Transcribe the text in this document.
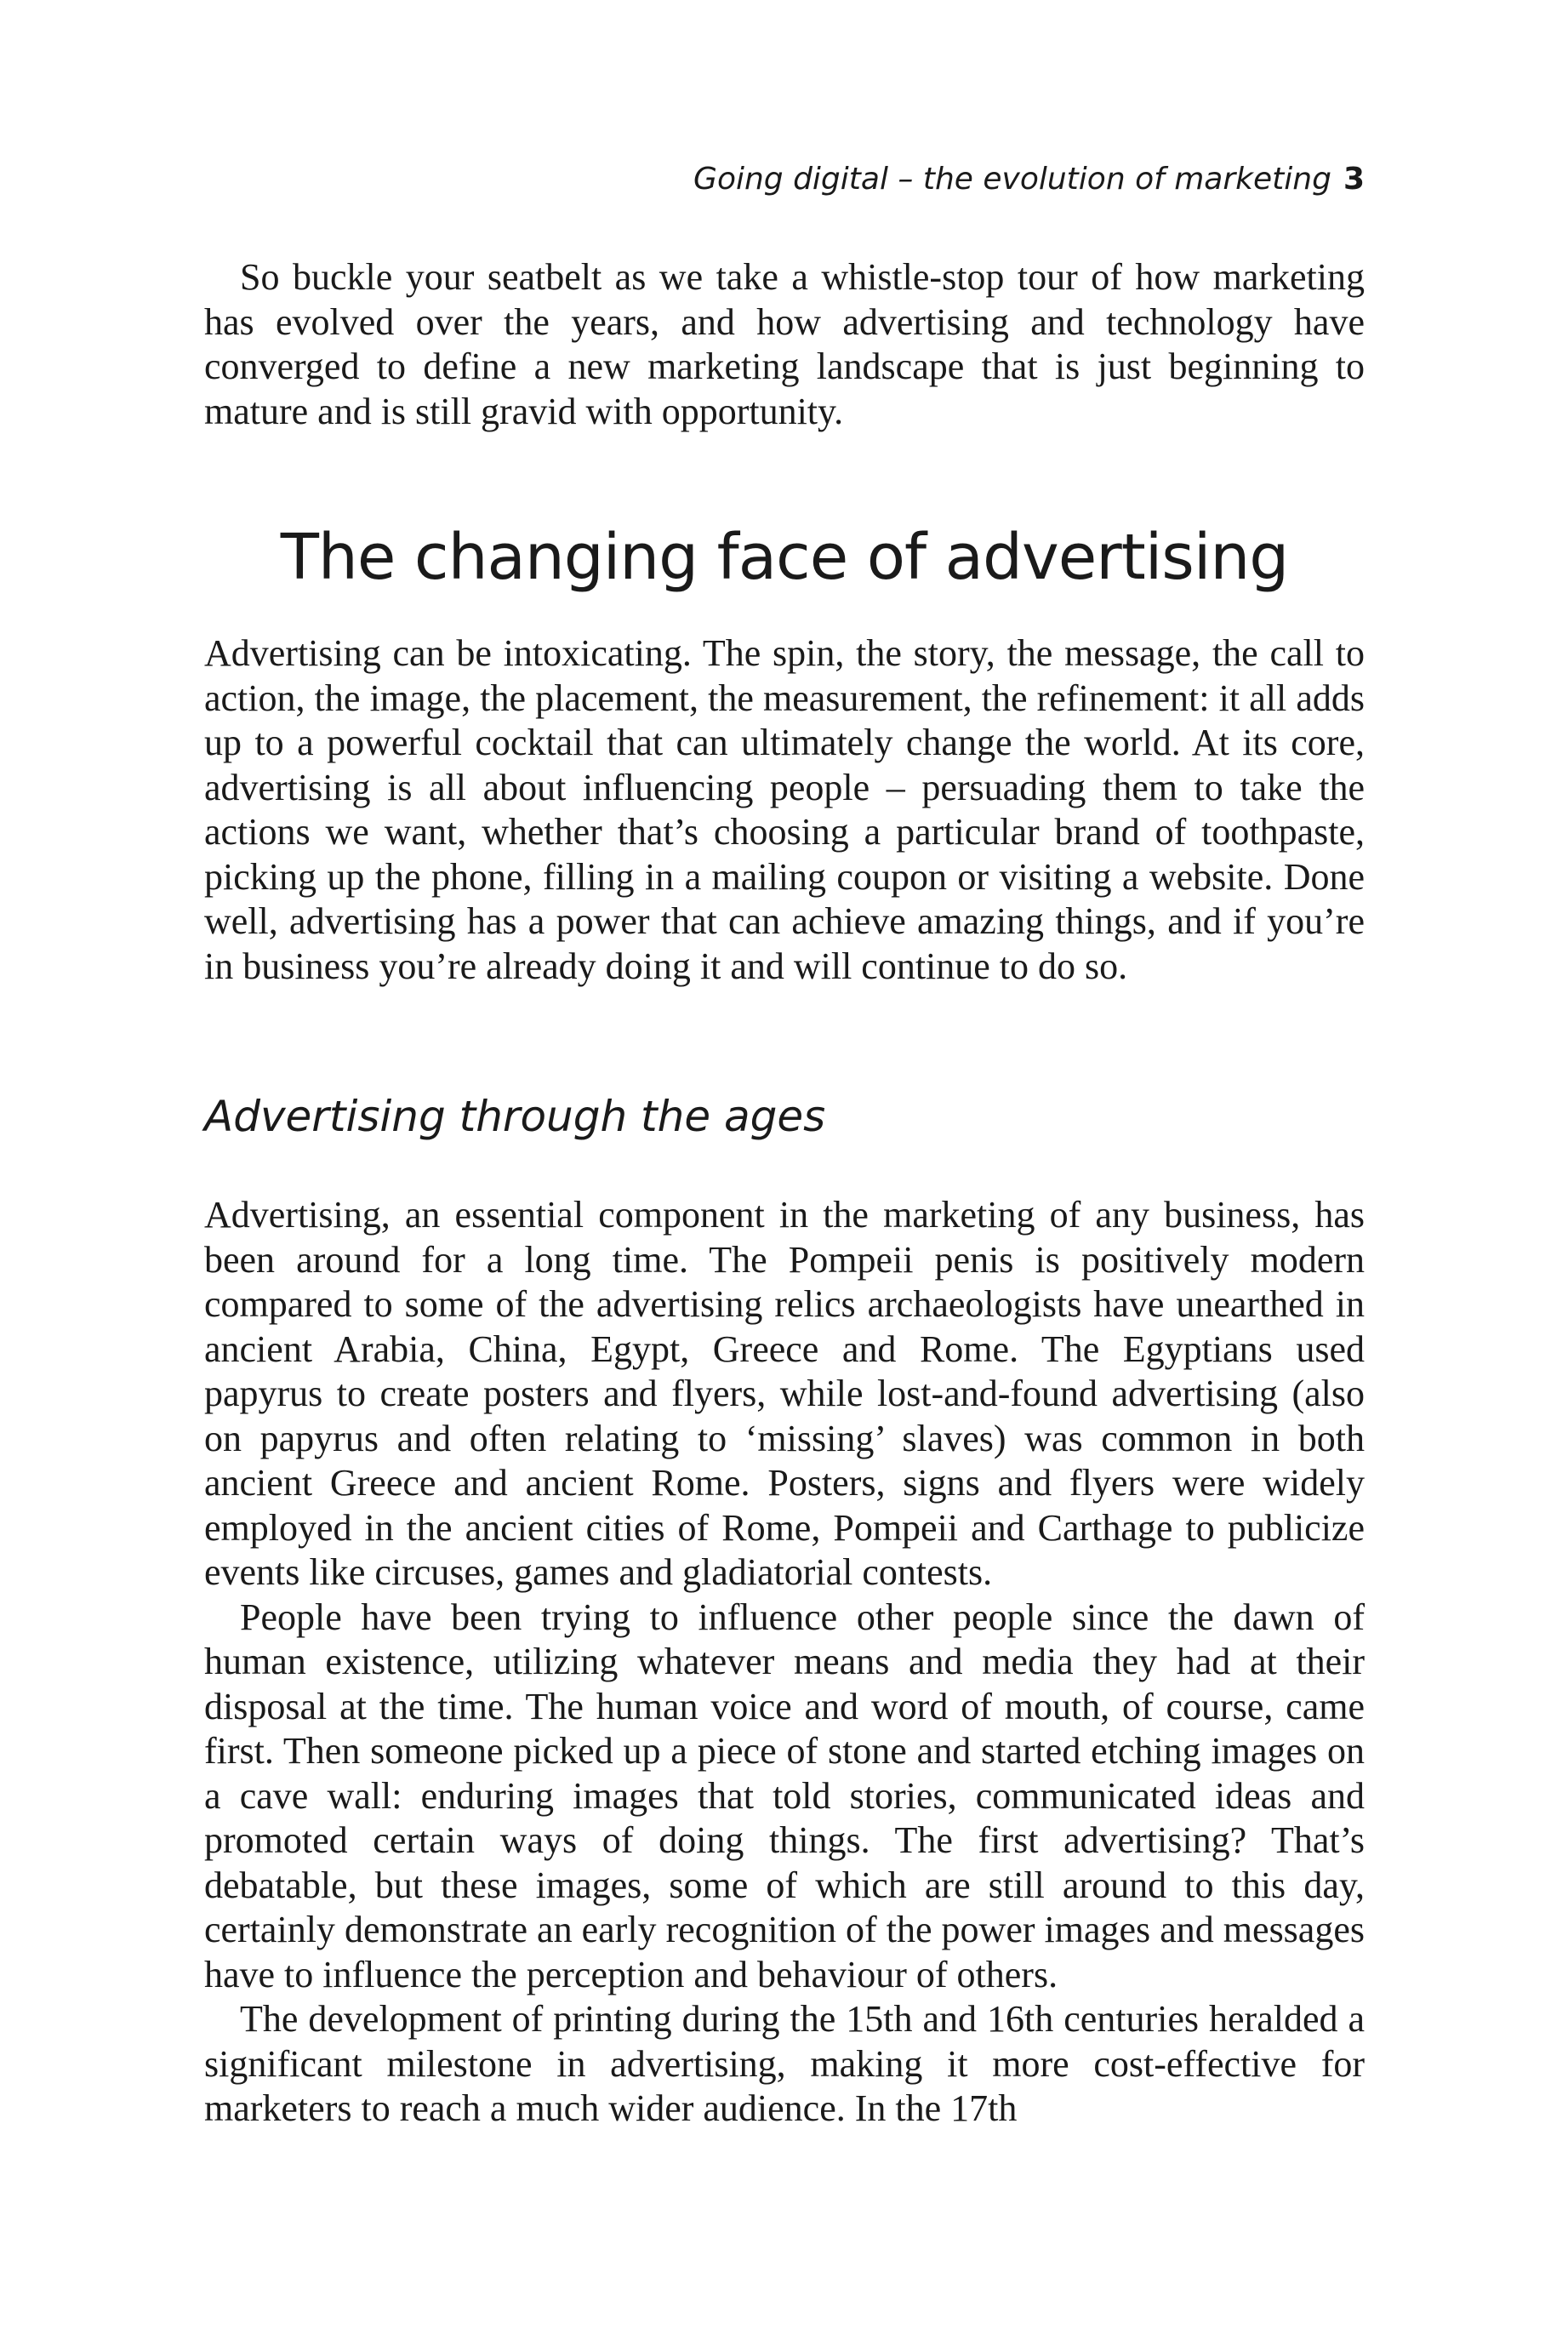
Going digital – the evolution of marketing 3

So buckle your seatbelt as we take a whistle-stop tour of how marketing has evolved over the years, and how advertising and technology have converged to define a new marketing landscape that is just beginning to mature and is still gravid with opportunity.

The changing face of advertising

Advertising can be intoxicating. The spin, the story, the message, the call to action, the image, the placement, the measurement, the refinement: it all adds up to a powerful cocktail that can ultimately change the world. At its core, advertising is all about influencing people – persuading them to take the actions we want, whether that’s choosing a particular brand of toothpaste, picking up the phone, filling in a mailing coupon or visiting a website. Done well, advertising has a power that can achieve amazing things, and if you’re in business you’re already doing it and will continue to do so.

Advertising through the ages

Advertising, an essential component in the marketing of any business, has been around for a long time. The Pompeii penis is positively modern compared to some of the advertising relics archaeologists have unearthed in ancient Arabia, China, Egypt, Greece and Rome. The Egyptians used papyrus to create posters and flyers, while lost-and-found advertising (also on papyrus and often relating to ‘missing’ slaves) was common in both ancient Greece and ancient Rome. Posters, signs and flyers were widely employed in the ancient cities of Rome, Pompeii and Carthage to publicize events like circuses, games and gladiatorial contests.

People have been trying to influence other people since the dawn of human existence, utilizing whatever means and media they had at their disposal at the time. The human voice and word of mouth, of course, came first. Then someone picked up a piece of stone and started etching images on a cave wall: enduring images that told stories, communicated ideas and promoted certain ways of doing things. The first advertising? That’s debatable, but these images, some of which are still around to this day, certainly demonstrate an early recognition of the power images and messages have to influence the perception and behaviour of others.

The development of printing during the 15th and 16th centuries heralded a significant milestone in advertising, making it more cost-effective for marketers to reach a much wider audience. In the 17th
